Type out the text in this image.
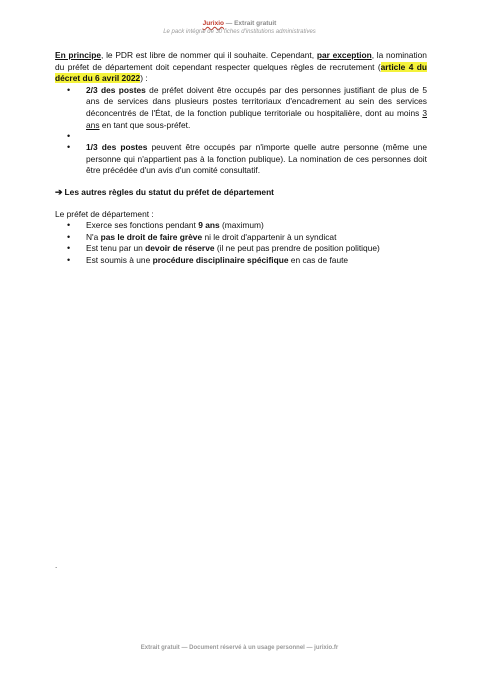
Jurixio — Extrait gratuit
Le pack intégral de 30 fiches d'institutions administratives

En principe, le PDR est libre de nommer qui il souhaite. Cependant, par exception, la nomination du préfet de département doit cependant respecter quelques règles de recrutement (article 4 du décret du 6 avril 2022) :

• 2/3 des postes de préfet doivent être occupés par des personnes justifiant de plus de 5 ans de services dans plusieurs postes territoriaux d'encadrement au sein des services déconcentrés de l'État, de la fonction publique territoriale ou hospitalière, dont au moins 3 ans en tant que sous-préfet.
•
• 1/3 des postes peuvent être occupés par n'importe quelle autre personne (même une personne qui n'appartient pas à la fonction publique). La nomination de ces personnes doit être précédée d'un avis d'un comité consultatif.

➔ Les autres règles du statut du préfet de département

Le préfet de département :

• Exerce ses fonctions pendant 9 ans (maximum)
• N'a pas le droit de faire grève ni le droit d'appartenir à un syndicat
• Est tenu par un devoir de réserve (il ne peut pas prendre de position politique)
• Est soumis à une procédure disciplinaire spécifique en cas de faute
.
Extrait gratuit — Document réservé à un usage personnel — jurixio.fr
